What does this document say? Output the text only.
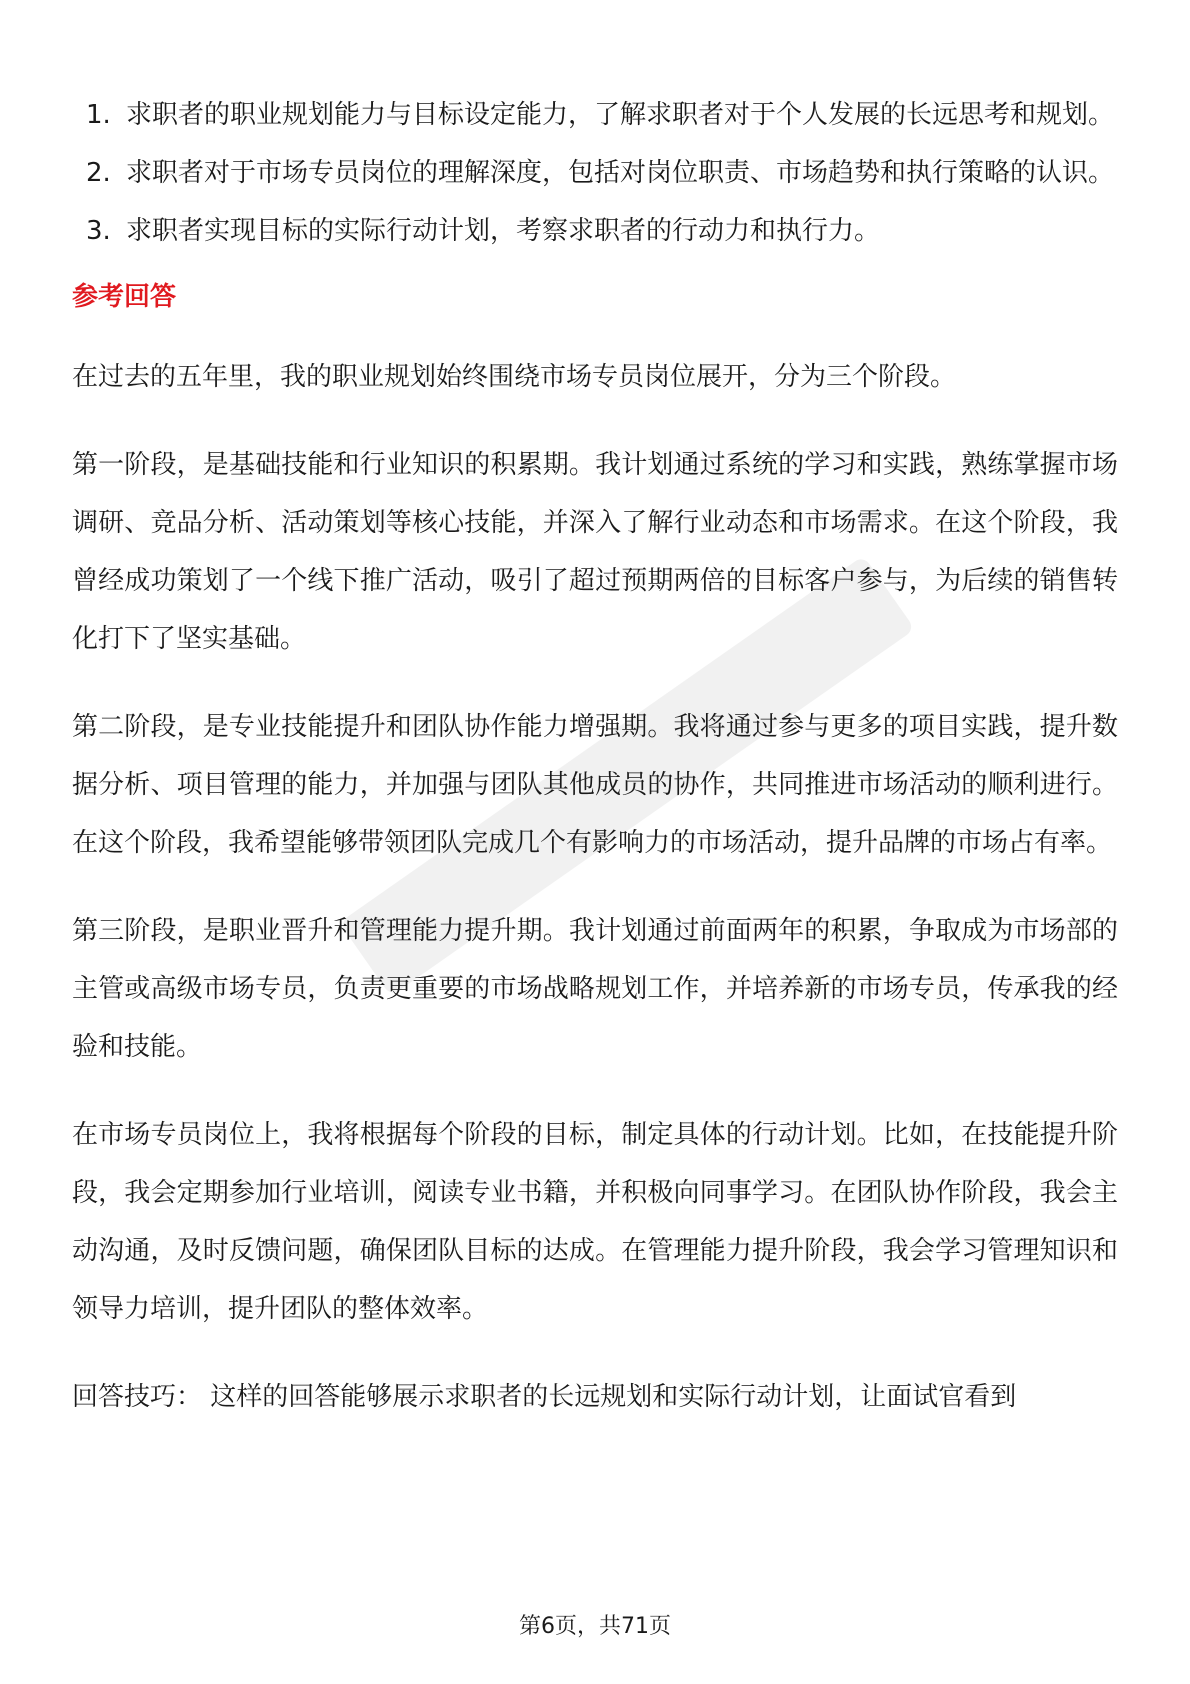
1. 求职者的职业规划能力与目标设定能力，了解求职者对于个人发展的长远思考和规划。
2. 求职者对于市场专员岗位的理解深度，包括对岗位职责、市场趋势和执行策略的认识。
3. 求职者实现目标的实际行动计划，考察求职者的行动力和执行力。
参考回答

在过去的五年里，我的职业规划始终围绕市场专员岗位展开，分为三个阶段。

第一阶段，是基础技能和行业知识的积累期。我计划通过系统的学习和实践，熟练掌握市场调研、竞品分析、活动策划等核心技能，并深入了解行业动态和市场需求。在这个阶段，我曾经成功策划了一个线下推广活动，吸引了超过预期两倍的目标客户参与，为后续的销售转化打下了坚实基础。

第二阶段，是专业技能提升和团队协作能力增强期。我将通过参与更多的项目实践，提升数据分析、项目管理的能力，并加强与团队其他成员的协作，共同推进市场活动的顺利进行。在这个阶段，我希望能够带领团队完成几个有影响力的市场活动，提升品牌的市场占有率。

第三阶段，是职业晋升和管理能力提升期。我计划通过前面两年的积累，争取成为市场部的主管或高级市场专员，负责更重要的市场战略规划工作，并培养新的市场专员，传承我的经验和技能。

在市场专员岗位上，我将根据每个阶段的目标，制定具体的行动计划。比如，在技能提升阶段，我会定期参加行业培训，阅读专业书籍，并积极向同事学习。在团队协作阶段，我会主动沟通，及时反馈问题，确保团队目标的达成。在管理能力提升阶段，我会学习管理知识和领导力培训，提升团队的整体效率。

回答技巧： 这样的回答能够展示求职者的长远规划和实际行动计划，让面试官看到

第6页，共71页
